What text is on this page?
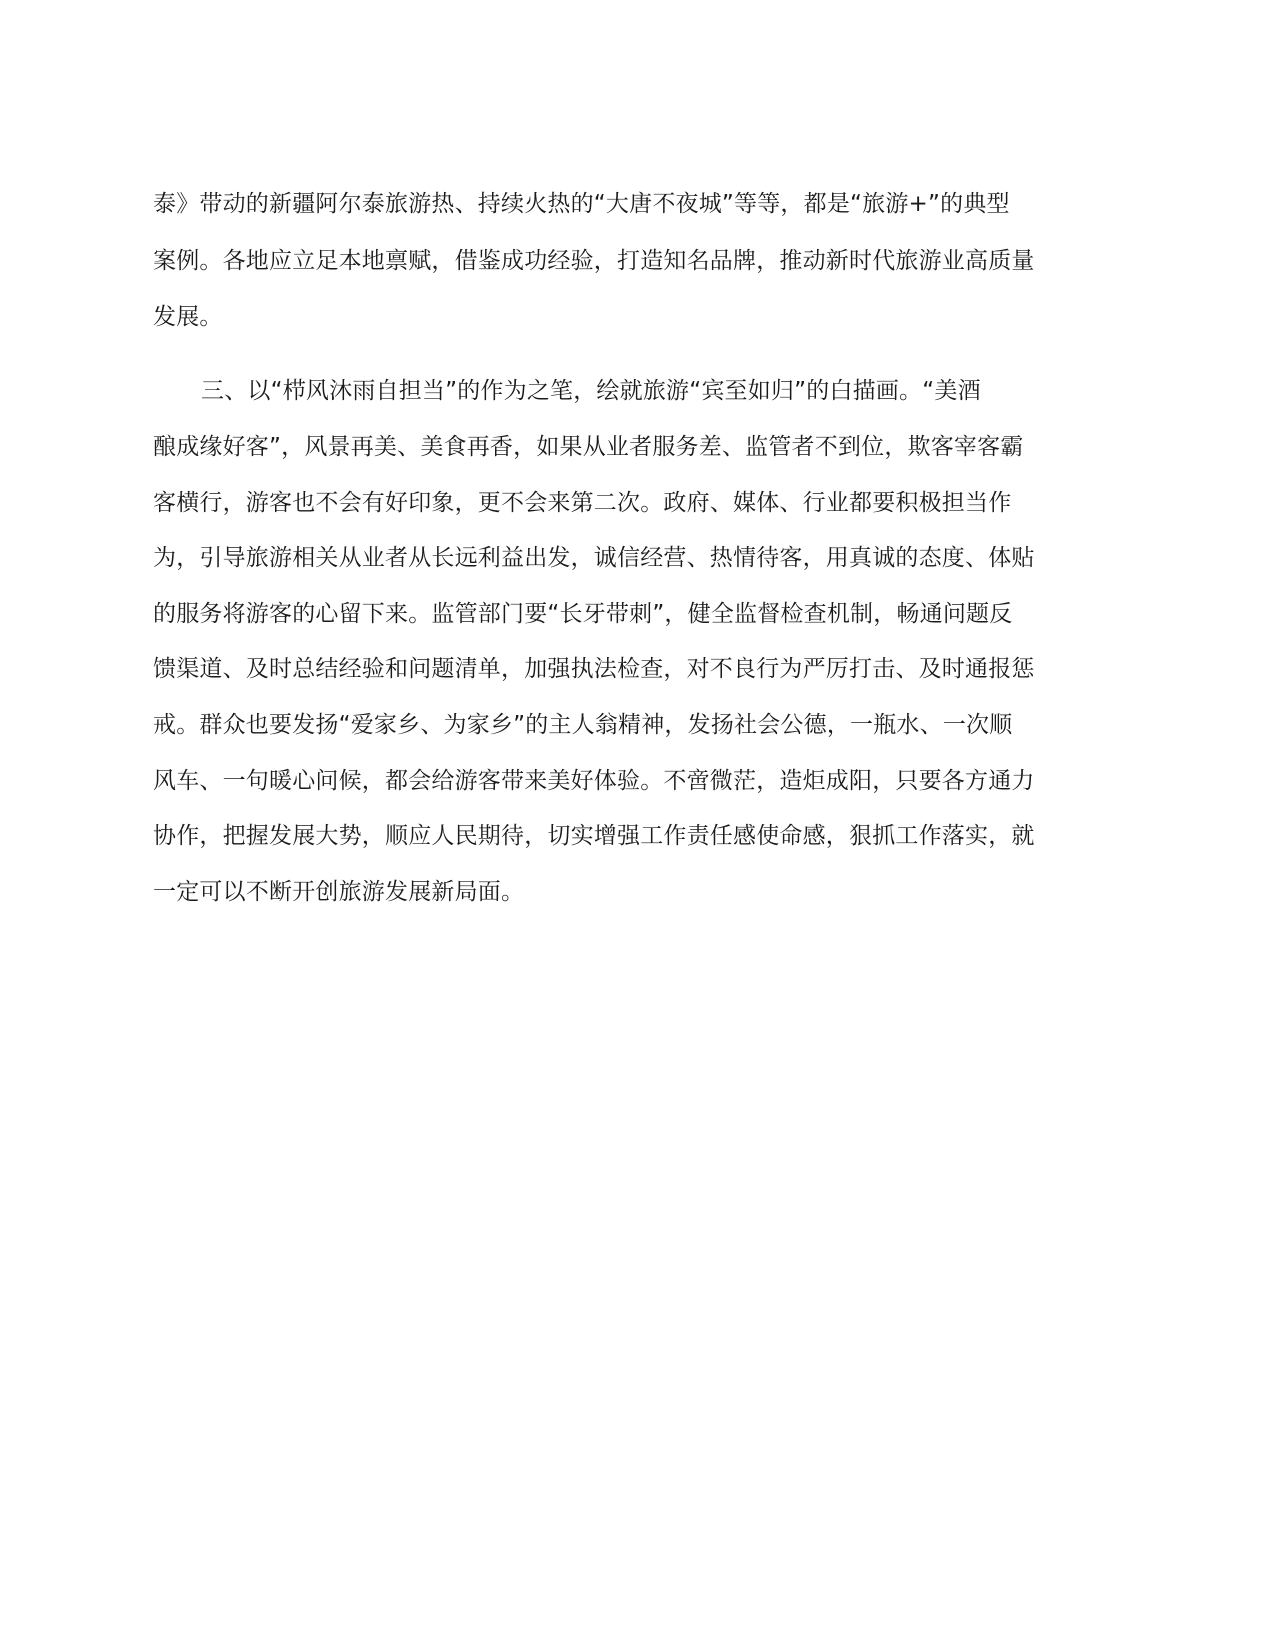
泰》带动的新疆阿尔泰旅游热、持续火热的“大唐不夜城”等等，都是“旅游+”的典型
案例。各地应立足本地禀赋，借鉴成功经验，打造知名品牌，推动新时代旅游业高质量
发展。
三、以“栉风沐雨自担当”的作为之笔，绘就旅游“宾至如归”的白描画。“美酒
酿成缘好客”，风景再美、美食再香，如果从业者服务差、监管者不到位，欺客宰客霸
客横行，游客也不会有好印象，更不会来第二次。政府、媒体、行业都要积极担当作
为，引导旅游相关从业者从长远利益出发，诚信经营、热情待客，用真诚的态度、体贴
的服务将游客的心留下来。监管部门要“长牙带刺”，健全监督检查机制，畅通问题反
馈渠道、及时总结经验和问题清单，加强执法检查，对不良行为严厉打击、及时通报惩
戒。群众也要发扬“爱家乡、为家乡”的主人翁精神，发扬社会公德，一瓶水、一次顺
风车、一句暖心问候，都会给游客带来美好体验。不啻微茫，造炬成阳，只要各方通力
协作，把握发展大势，顺应人民期待，切实增强工作责任感使命感，狠抓工作落实，就
一定可以不断开创旅游发展新局面。
